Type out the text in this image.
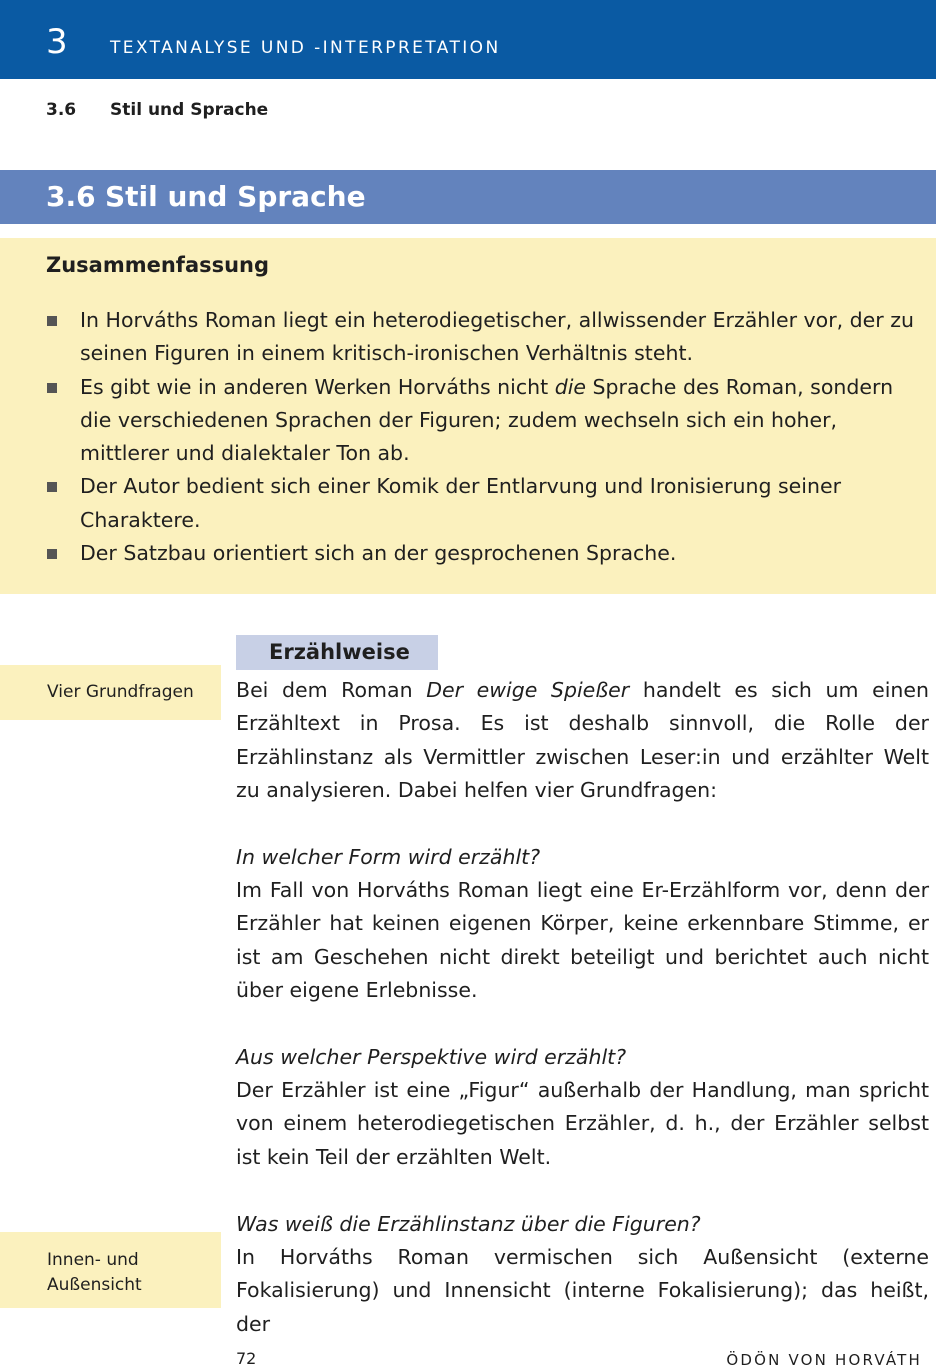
3 TEXTANALYSE UND -INTERPRETATION
3.6 Stil und Sprache
3.6 Stil und Sprache
Zusammenfassung
In Horváths Roman liegt ein heterodiegetischer, allwissender Erzähler vor, der zu seinen Figuren in einem kritisch-ironischen Verhältnis steht.
Es gibt wie in anderen Werken Horváths nicht die Sprache des Roman, sondern die verschiedenen Sprachen der Figuren; zudem wechseln sich ein hoher, mittlerer und dialektaler Ton ab.
Der Autor bedient sich einer Komik der Entlarvung und Ironisierung seiner Charaktere.
Der Satzbau orientiert sich an der gesprochenen Sprache.
Erzählweise
Vier Grundfragen
Innen- und Außensicht
Bei dem Roman Der ewige Spießer handelt es sich um einen Erzähltext in Prosa. Es ist deshalb sinnvoll, die Rolle der Erzählinstanz als Vermittler zwischen Leser:in und erzählter Welt zu analysieren. Dabei helfen vier Grundfragen:
In welcher Form wird erzählt?
Im Fall von Horváths Roman liegt eine Er-Erzählform vor, denn der Erzähler hat keinen eigenen Körper, keine erkennbare Stimme, er ist am Geschehen nicht direkt beteiligt und berichtet auch nicht über eigene Erlebnisse.
Aus welcher Perspektive wird erzählt?
Der Erzähler ist eine „Figur“ außerhalb der Handlung, man spricht von einem heterodiegetischen Erzähler, d. h., der Erzähler selbst ist kein Teil der erzählten Welt.
Was weiß die Erzählinstanz über die Figuren?
In Horváths Roman vermischen sich Außensicht (externe Fokalisierung) und Innensicht (interne Fokalisierung); das heißt, der
72	ÖDÖN VON HORVÁTH
